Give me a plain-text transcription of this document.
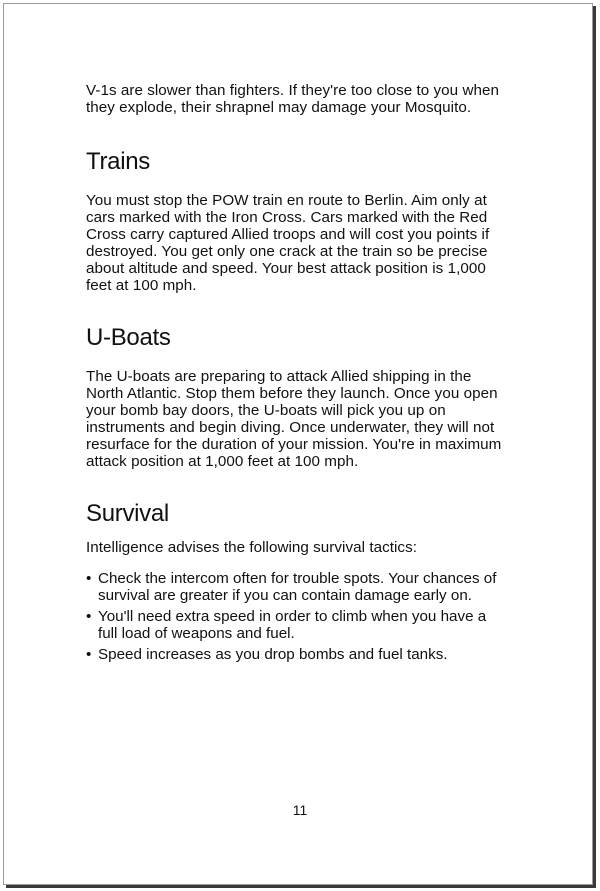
V-1s are slower than fighters. If they're too close to you when they explode, their shrapnel may damage your Mosquito.

Trains

You must stop the POW train en route to Berlin. Aim only at cars marked with the Iron Cross. Cars marked with the Red Cross carry captured Allied troops and will cost you points if destroyed. You get only one crack at the train so be precise about altitude and speed. Your best attack position is 1,000 feet at 100 mph.

U-Boats

The U-boats are preparing to attack Allied shipping in the North Atlantic. Stop them before they launch. Once you open your bomb bay doors, the U-boats will pick you up on instruments and begin diving. Once underwater, they will not resurface for the duration of your mission. You're in maximum attack position at 1,000 feet at 100 mph.

Survival

Intelligence advises the following survival tactics:

• Check the intercom often for trouble spots. Your chances of survival are greater if you can contain damage early on.
• You'll need extra speed in order to climb when you have a full load of weapons and fuel.
• Speed increases as you drop bombs and fuel tanks.
11
